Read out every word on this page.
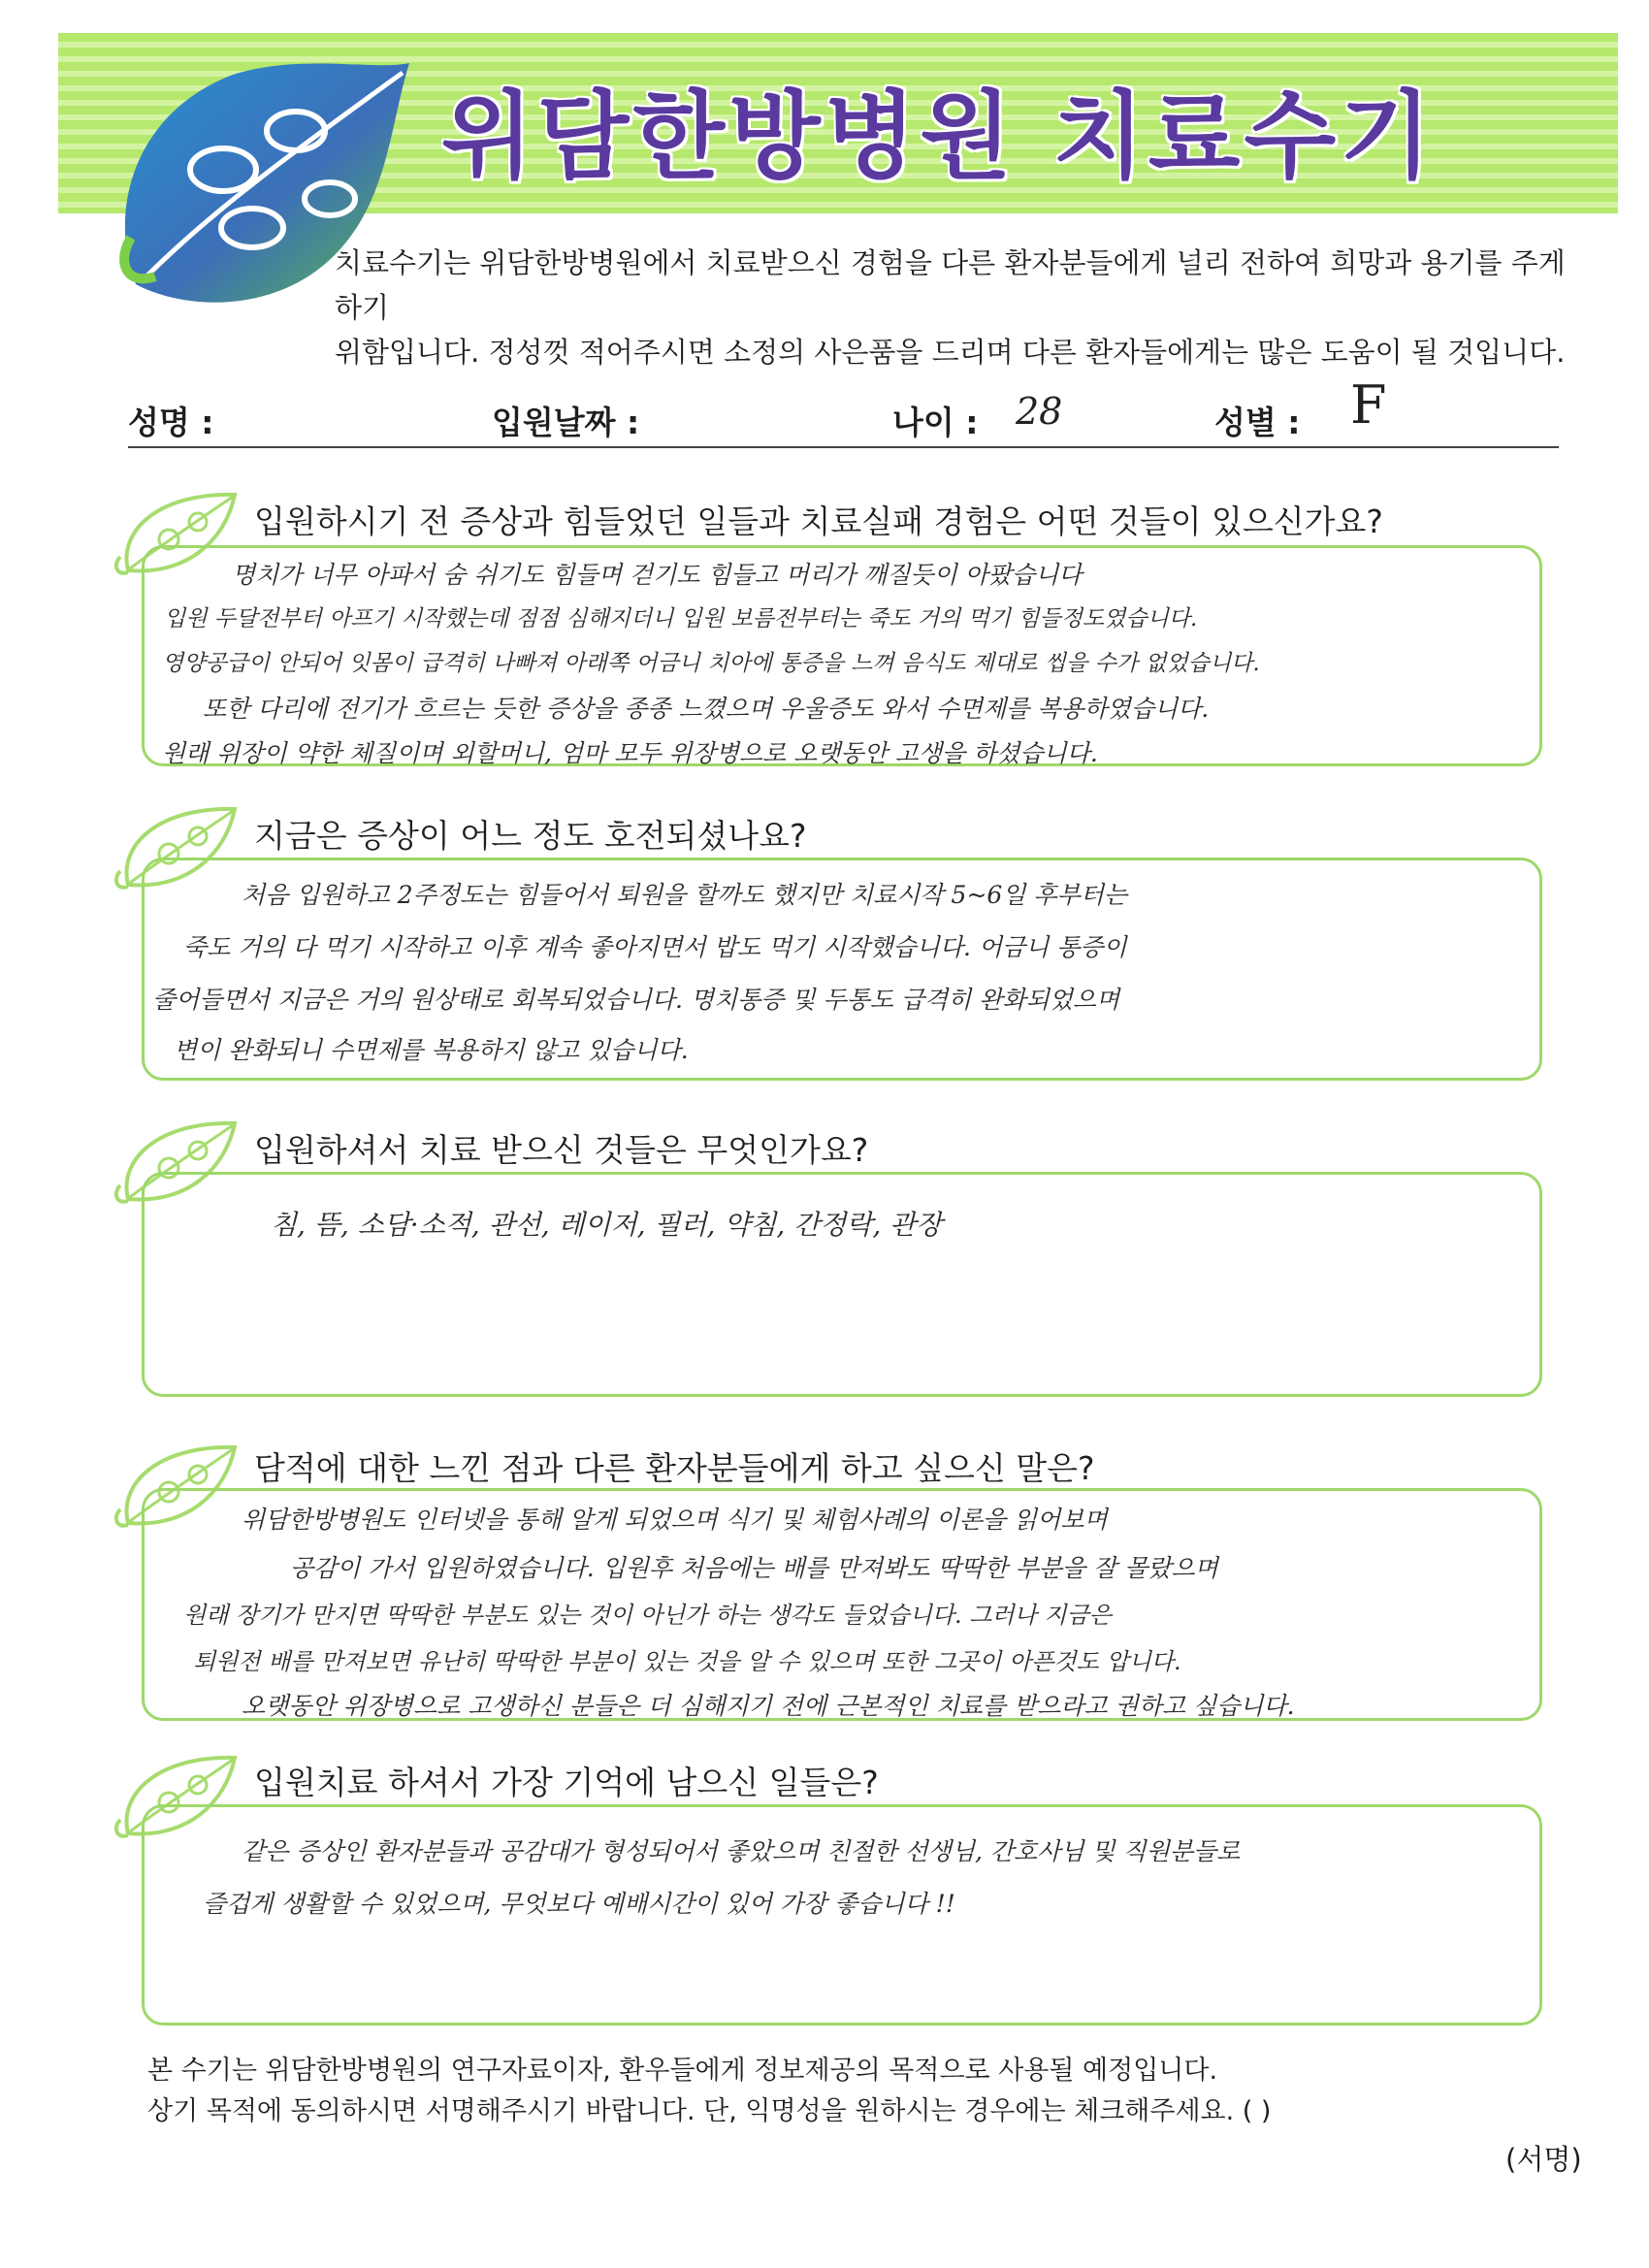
위담한방병원 치료수기
치료수기는 위담한방병원에서 치료받으신 경험을 다른 환자분들에게 널리 전하여 희망과 용기를 주게 하기
위함입니다. 정성껏 적어주시면 소정의 사은품을 드리며 다른 환자들에게는 많은 도움이 될 것입니다.
성명 :	입원날짜 :	나이 : 28	성별 : F
입원하시기 전 증상과 힘들었던 일들과 치료실패 경험은 어떤 것들이 있으신가요?
명치가 너무 아파서 숨 쉬기도 힘들며 걷기도 힘들고 머리가 깨질듯이 아팠습니다
입원 두달전부터 아프기 시작했는데 점점 심해지더니 입원 보름전부터는 죽도 거의 먹기 힘들정도였습니다.
영양공급이 안되어 잇몸이 급격히 나빠져 아래쪽 어금니 치아에 통증을 느껴 음식도 제대로 씹을 수가 없었습니다.
또한 다리에 전기가 흐르는 듯한 증상을 종종 느꼈으며 우울증도 와서 수면제를 복용하였습니다.
원래 위장이 약한 체질이며 외할머니, 엄마 모두 위장병으로 오랫동안 고생을 하셨습니다.
지금은 증상이 어느 정도 호전되셨나요?
처음 입원하고 2주정도는 힘들어서 퇴원을 할까도 했지만 치료시작 5~6일 후부터는
죽도 거의 다 먹기 시작하고 이후 계속 좋아지면서 밥도 먹기 시작했습니다. 어금니 통증이
줄어들면서 지금은 거의 원상태로 회복되었습니다. 명치통증 및 두통도 급격히 완화되었으며
변이 완화되니 수면제를 복용하지 않고 있습니다.
입원하셔서 치료 받으신 것들은 무엇인가요?
침, 뜸, 소담·소적, 관선, 레이저, 필러, 약침, 간정락, 관장
담적에 대한 느낀 점과 다른 환자분들에게 하고 싶으신 말은?
위담한방병원도 인터넷을 통해 알게 되었으며 식기 및 체험사례의 이론을 읽어보며
공감이 가서 입원하였습니다. 입원후 처음에는 배를 만져봐도 딱딱한 부분을 잘 몰랐으며
원래 장기가 만지면 딱딱한 부분도 있는 것이 아닌가 하는 생각도 들었습니다. 그러나 지금은
퇴원전 배를 만져보면 유난히 딱딱한 부분이 있는 것을 알 수 있으며 또한 그곳이 아픈것도 압니다.
오랫동안 위장병으로 고생하신 분들은 더 심해지기 전에 근본적인 치료를 받으라고 권하고 싶습니다.
입원치료 하셔서 가장 기억에 남으신 일들은?
같은 증상인 환자분들과 공감대가 형성되어서 좋았으며 친절한 선생님, 간호사님 및 직원분들로
즐겁게 생활할 수 있었으며, 무엇보다 예배시간이 있어 가장 좋습니다 !!
본 수기는 위담한방병원의 연구자료이자, 환우들에게 정보제공의 목적으로 사용될 예정입니다.
상기 목적에 동의하시면 서명해주시기 바랍니다. 단, 익명성을 원하시는 경우에는 체크해주세요. ( )
(서명)
